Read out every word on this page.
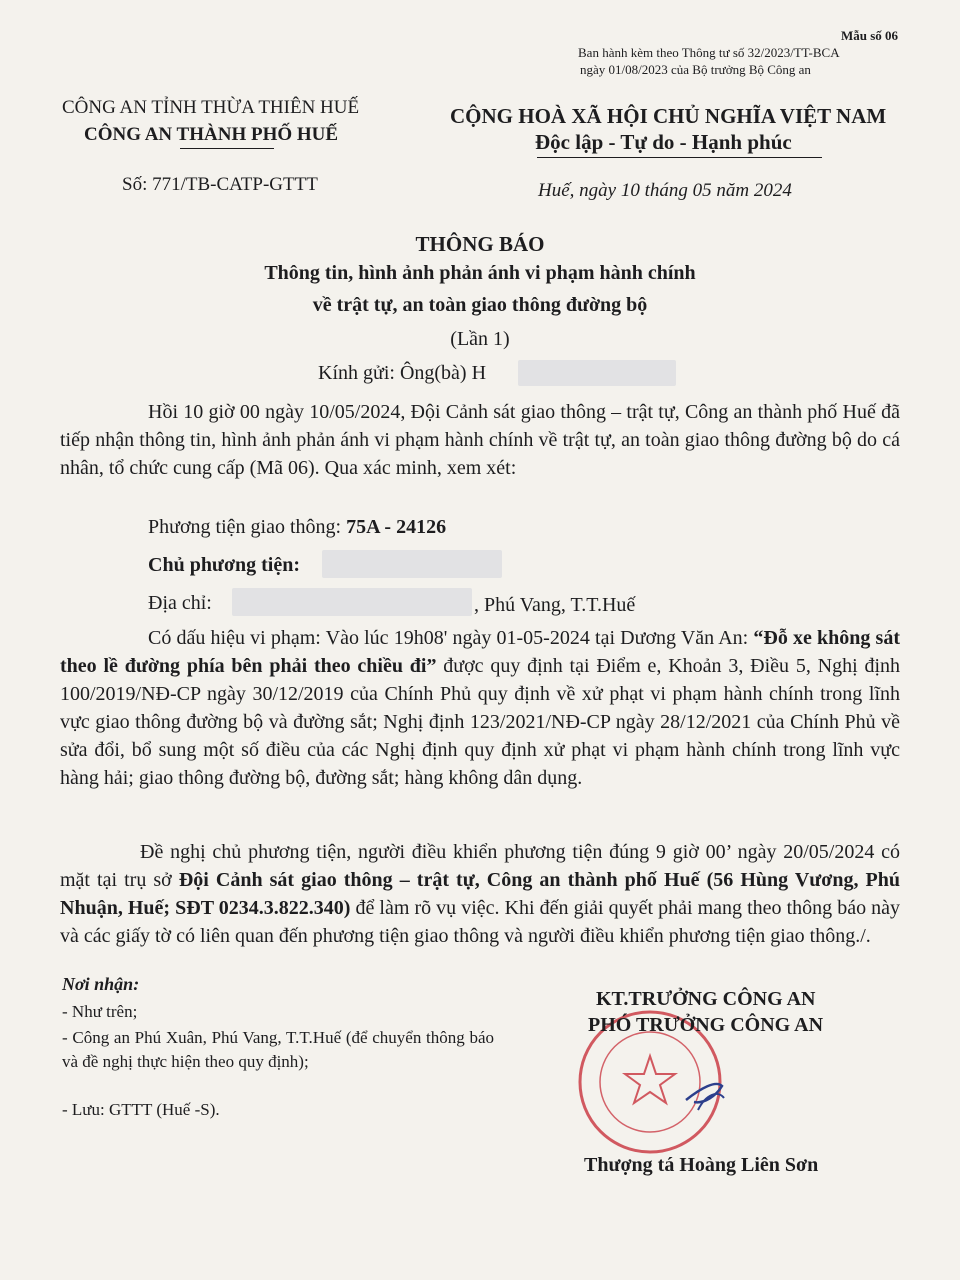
Mẫu số 06
Ban hành kèm theo Thông tư số 32/2023/TT-BCA
ngày 01/08/2023 của Bộ trưởng Bộ Công an
CÔNG AN TỈNH THỪA THIÊN HUẾ
CÔNG AN THÀNH PHỐ HUẾ
CỘNG HOÀ XÃ HỘI CHỦ NGHĨA VIỆT NAM
Độc lập - Tự do - Hạnh phúc
Số: 771/TB-CATP-GTTT	Huế, ngày 10 tháng 05 năm 2024
THÔNG BÁO
Thông tin, hình ảnh phản ánh vi phạm hành chính
về trật tự, an toàn giao thông đường bộ
(Lần 1)
Kính gửi: Ông(bà) H
Hồi 10 giờ 00 ngày 10/05/2024, Đội Cảnh sát giao thông – trật tự, Công an thành phố Huế đã tiếp nhận thông tin, hình ảnh phản ánh vi phạm hành chính về trật tự, an toàn giao thông đường bộ do cá nhân, tổ chức cung cấp (Mã 06). Qua xác minh, xem xét:
Phương tiện giao thông: 75A - 24126
Chủ phương tiện:
Địa chỉ:	, Phú Vang, T.T.Huế
Có dấu hiệu vi phạm: Vào lúc 19h08' ngày 01-05-2024 tại Dương Văn An: “Đỗ xe không sát theo lề đường phía bên phải theo chiều đi” được quy định tại Điểm e, Khoản 3, Điều 5, Nghị định 100/2019/NĐ-CP ngày 30/12/2019 của Chính Phủ quy định về xử phạt vi phạm hành chính trong lĩnh vực giao thông đường bộ và đường sắt; Nghị định 123/2021/NĐ-CP ngày 28/12/2021 của Chính Phủ về sửa đổi, bổ sung một số điều của các Nghị định quy định xử phạt vi phạm hành chính trong lĩnh vực hàng hải; giao thông đường bộ, đường sắt; hàng không dân dụng.
Đề nghị chủ phương tiện, người điều khiển phương tiện đúng 9 giờ 00’ ngày 20/05/2024 có mặt tại trụ sở Đội Cảnh sát giao thông – trật tự, Công an thành phố Huế (56 Hùng Vương, Phú Nhuận, Huế; SĐT 0234.3.822.340) để làm rõ vụ việc. Khi đến giải quyết phải mang theo thông báo này và các giấy tờ có liên quan đến phương tiện giao thông và người điều khiển phương tiện giao thông./.
Nơi nhận:
- Như trên;
- Công an Phú Xuân, Phú Vang, T.T.Huế (để chuyển thông báo và đề nghị thực hiện theo quy định);
- Lưu: GTTT (Huế -S).
KT.TRƯỞNG CÔNG AN
PHÓ TRƯỞNG CÔNG AN
Thượng tá Hoàng Liên Sơn
